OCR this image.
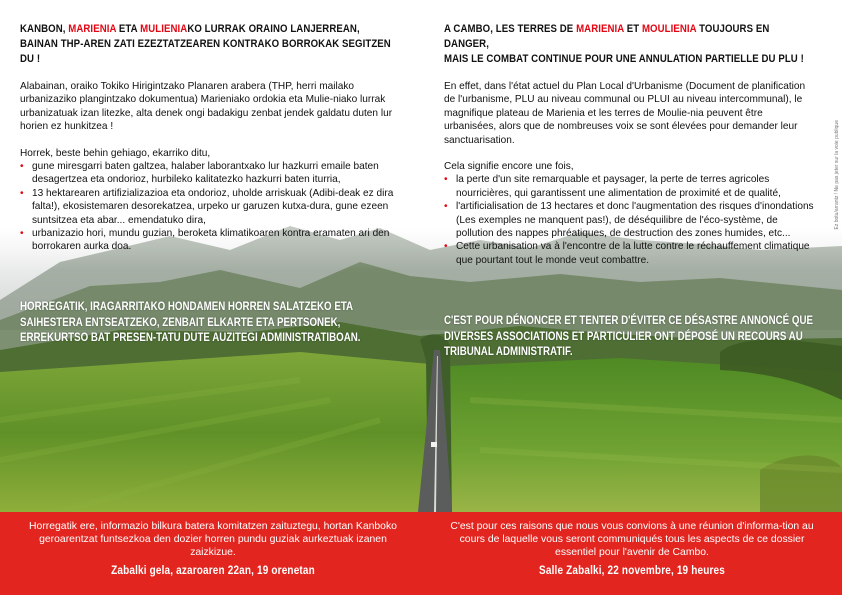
KANBON, MARIENIA ETA MULIENIAKO LURRAK ORAINO LANJERREAN,
BAINAN THP-AREN ZATI EZEZTATZEAREN KONTRAKO BORROKAK SEGITZEN DU !

Alabainan, oraiko Tokiko Hirigintzako Planaren arabera (THP, herri mailako urbanizaziko plangintzako dokumentua) Marieniako ordokia eta Mulie-niako lurrak urbanizatuak izan litezke, alta denek ongi badakigu zenbat jendek galdatu duten lur horien ez hunkitzea !

Horrek, beste behin gehiago, ekarriko ditu,

• gune miresgarri baten galtzea, halaber laborantxako lur hazkurri emaile baten desagertzea eta ondorioz, hurbileko kalitatezko hazkurri baten iturria,

• 13 hektarearen artifizializazioa eta ondorioz, uholde arriskuak (Adibi-deak ez dira falta!), ekosistemaren desorekatzea, urpeko ur garuzen kutxa-dura, gune ezeen suntsitzea eta abar... emendatuko dira,

• urbanizazio hori, mundu guzian, beroketa klimatikoaren kontra eramaten ari den borrokaren aurka doa.

A CAMBO, LES TERRES DE MARIENIA ET MOULIENIA TOUJOURS EN DANGER,
MAIS LE COMBAT CONTINUE POUR UNE ANNULATION PARTIELLE DU PLU !

En effet, dans l'état actuel du Plan Local d'Urbanisme (Document de planification de l'urbanisme, PLU au niveau communal ou PLUI au niveau intercommunal), le magnifique plateau de Marienia et les terres de Moulie-nia peuvent être urbanisées, alors que de nombreuses voix se sont élevées pour demander leur sanctuarisation.

Cela signifie encore une fois,

• la perte d'un site remarquable et paysager, la perte de terres agricoles nourricières, qui garantissent une alimentation de proximité et de qualité,

• l'artificialisation de 13 hectares et donc l'augmentation des risques d'inondations (Les exemples ne manquent pas!), de déséquilibre de l'éco-système, de pollution des nappes phréatiques, de destruction des zones humides, etc...

• Cette urbanisation va à l'encontre de la lutte contre le réchauffement climatique que pourtant tout le monde veut combattre.

HORREGATIK, IRAGARRITAKO HONDAMEN HORREN SALATZEKO ETA SAIHESTERA ENTSEATZEKO, ZENBAIT ELKARTE ETA PERTSONEK, ERREKURTSO BAT PRESEN-TATU DUTE AUZITEGI ADMINISTRATIBOAN.
C'EST POUR DÉNONCER ET TENTER D'ÉVITER CE DÉSASTRE ANNONCÉ QUE DIVERSES ASSOCIATIONS ET PARTICULIER ONT DÉPOSÉ UN RECOURS AU TRIBUNAL ADMINISTRATIF.
Ez botu/arrantz ! Ne pas jeter sur la voie publique
Horregatik ere, informazio bilkura batera komitatzen zaituztegu, hortan Kanboko geroarentzat funtsezkoa den dozier horren pundu guziak aurkeztuak izanen zaizkizue.
Zabalki gela, azaroaren 22an, 19 orenetan
C'est pour ces raisons que nous vous convions à une réunion d'informa-tion au cours de laquelle vous seront communiqués tous les aspects de ce dossier essentiel pour l'avenir de Cambo.
Salle Zabalki, 22 novembre, 19 heures
